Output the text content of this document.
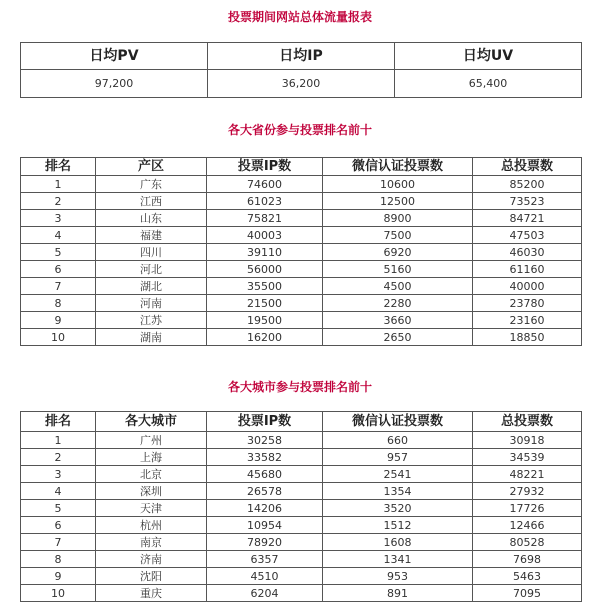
投票期间网站总体流量报表
日均PV	日均IP	日均UV
97,200	36,200	65,400
各大省份参与投票排名前十
排名	产区	投票IP数	微信认证投票数	总投票数
1	广东	74600	10600	85200
2	江西	61023	12500	73523
3	山东	75821	8900	84721
4	福建	40003	7500	47503
5	四川	39110	6920	46030
6	河北	56000	5160	61160
7	湖北	35500	4500	40000
8	河南	21500	2280	23780
9	江苏	19500	3660	23160
10	湖南	16200	2650	18850
各大城市参与投票排名前十
排名	各大城市	投票IP数	微信认证投票数	总投票数
1	广州	30258	660	30918
2	上海	33582	957	34539
3	北京	45680	2541	48221
4	深圳	26578	1354	27932
5	天津	14206	3520	17726
6	杭州	10954	1512	12466
7	南京	78920	1608	80528
8	济南	6357	1341	7698
9	沈阳	4510	953	5463
10	重庆	6204	891	7095
